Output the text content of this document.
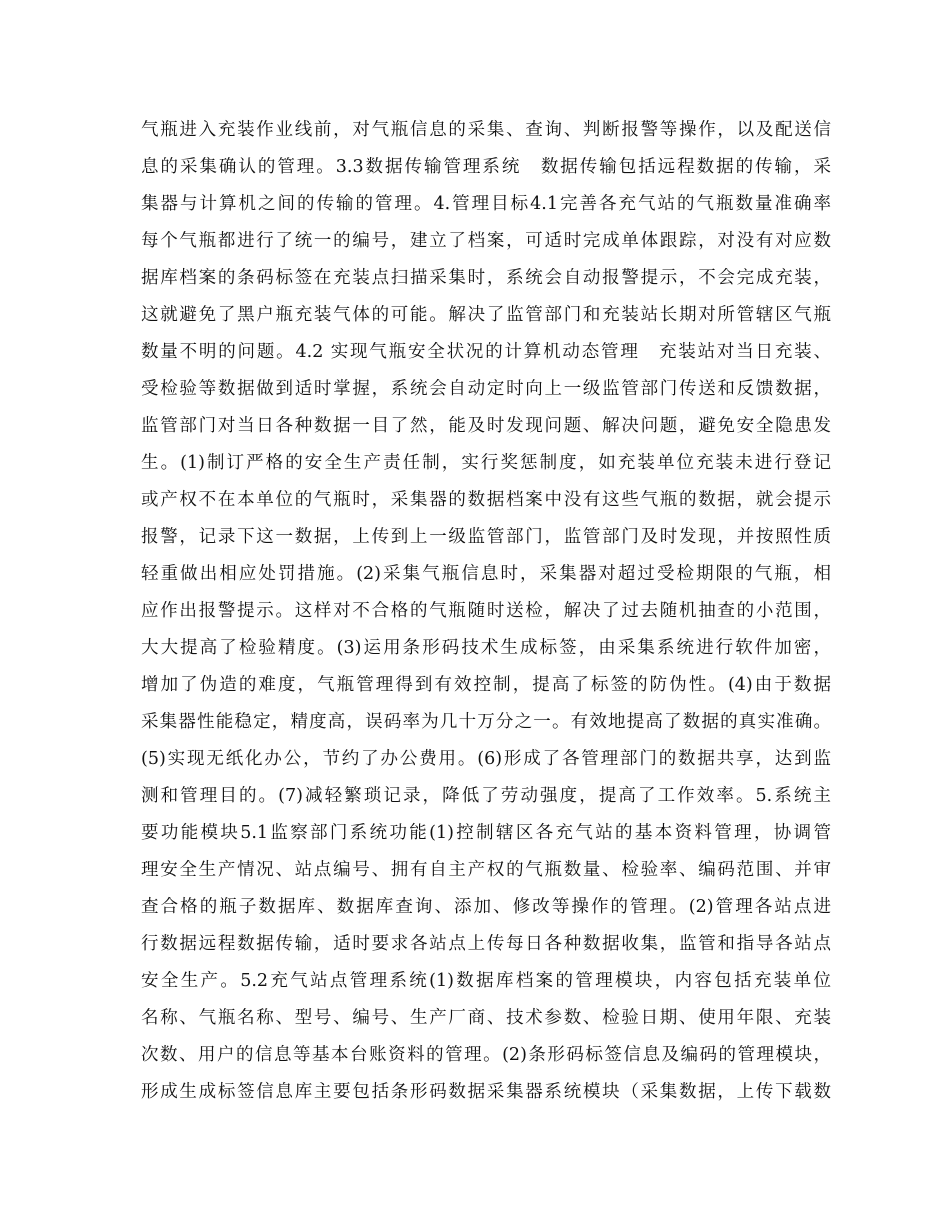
气瓶进入充装作业线前，对气瓶信息的采集、查询、判断报警等操作，以及配送信
息的采集确认的管理。3.3数据传输管理系统　数据传输包括远程数据的传输，采
集器与计算机之间的传输的管理。4.管理目标4.1完善各充气站的气瓶数量准确率
每个气瓶都进行了统一的编号，建立了档案，可适时完成单体跟踪，对没有对应数
据库档案的条码标签在充装点扫描采集时，系统会自动报警提示，不会完成充装，
这就避免了黑户瓶充装气体的可能。解决了监管部门和充装站长期对所管辖区气瓶
数量不明的问题。4.2 实现气瓶安全状况的计算机动态管理　充装站对当日充装、
受检验等数据做到适时掌握，系统会自动定时向上一级监管部门传送和反馈数据，
监管部门对当日各种数据一目了然，能及时发现问题、解决问题，避免安全隐患发
生。(1)制订严格的安全生产责任制，实行奖惩制度，如充装单位充装未进行登记
或产权不在本单位的气瓶时，采集器的数据档案中没有这些气瓶的数据，就会提示
报警，记录下这一数据，上传到上一级监管部门，监管部门及时发现，并按照性质
轻重做出相应处罚措施。(2)采集气瓶信息时，采集器对超过受检期限的气瓶，相
应作出报警提示。这样对不合格的气瓶随时送检，解决了过去随机抽查的小范围，
大大提高了检验精度。(3)运用条形码技术生成标签，由采集系统进行软件加密，
增加了伪造的难度，气瓶管理得到有效控制，提高了标签的防伪性。(4)由于数据
采集器性能稳定，精度高，误码率为几十万分之一。有效地提高了数据的真实准确。
(5)实现无纸化办公，节约了办公费用。(6)形成了各管理部门的数据共享，达到监
测和管理目的。(7)减轻繁琐记录，降低了劳动强度，提高了工作效率。5.系统主
要功能模块5.1监察部门系统功能(1)控制辖区各充气站的基本资料管理，协调管
理安全生产情况、站点编号、拥有自主产权的气瓶数量、检验率、编码范围、并审
查合格的瓶子数据库、数据库查询、添加、修改等操作的管理。(2)管理各站点进
行数据远程数据传输，适时要求各站点上传每日各种数据收集，监管和指导各站点
安全生产。5.2充气站点管理系统(1)数据库档案的管理模块，内容包括充装单位
名称、气瓶名称、型号、编号、生产厂商、技术参数、检验日期、使用年限、充装
次数、用户的信息等基本台账资料的管理。(2)条形码标签信息及编码的管理模块，
形成生成标签信息库主要包括条形码数据采集器系统模块（采集数据，上传下载数
